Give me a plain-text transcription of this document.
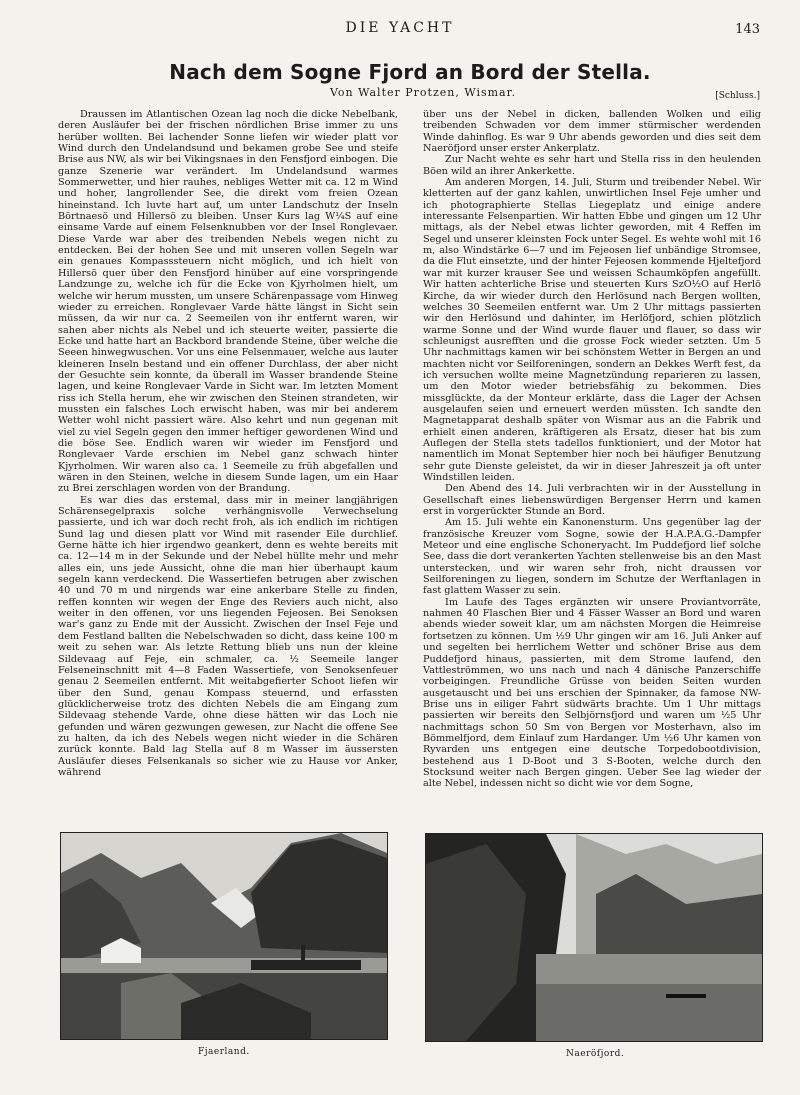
DIE YACHT	143
Nach dem Sogne Fjord an Bord der Stella.
Von Walter Protzen, Wismar.	[Schluss.]

Draussen im Atlantischen Ozean lag noch die dicke Nebelbank, deren Ausläufer bei der frischen nördlichen Brise immer zu uns herüber wollten. Bei lachender Sonne liefen wir wieder platt vor Wind durch den Undelandsund und bekamen grobe See und steife Brise aus NW, als wir bei Vikingsnaes in den Fensfjord einbogen. Die ganze Szenerie war verändert. Im Undelandsund warmes Sommerwetter, und hier rauhes, nebliges Wetter mit ca. 12 m Wind und hoher, langrollender See, die direkt vom freien Ozean hineinstand. Ich luvte hart auf, um unter Landschutz der Inseln Börtnaesö und Hillersö zu bleiben. Unser Kurs lag W¼S auf eine einsame Varde auf einem Felsenknubben vor der Insel Ronglevaer. Diese Varde war aber des treibenden Nebels wegen nicht zu entdecken. Bei der hohen See und mit unseren vollen Segeln war ein genaues Kompasssteuern nicht möglich, und ich hielt von Hillersö quer über den Fensfjord hinüber auf eine vorspringende Landzunge zu, welche ich für die Ecke von Kjyrholmen hielt, um welche wir herum mussten, um unsere Schärenpassage vom Hinweg wieder zu erreichen. Ronglevaer Varde hätte längst in Sicht sein müssen, da wir nur ca. 2 Seemeilen von ihr entfernt waren, wir sahen aber nichts als Nebel und ich steuerte weiter, passierte die Ecke und hatte hart an Backbord brandende Steine, über welche die Seeen hinwegwuschen. Vor uns eine Felsenmauer, welche aus lauter kleineren Inseln bestand und ein offener Durchlass, der aber nicht der Gesuchte sein konnte, da überall im Wasser brandende Steine lagen, und keine Ronglevaer Varde in Sicht war. Im letzten Moment riss ich Stella herum, ehe wir zwischen den Steinen strandeten, wir mussten ein falsches Loch erwischt haben, was mir bei anderem Wetter wohl nicht passiert wäre. Also kehrt und nun gegenan mit viel zu viel Segeln gegen den immer heftiger gewordenen Wind und die böse See. Endlich waren wir wieder im Fensfjord und Ronglevaer Varde erschien im Nebel ganz schwach hinter Kjyrholmen. Wir waren also ca. 1 Seemeile zu früh abgefallen und wären in den Steinen, welche in diesem Sunde lagen, um ein Haar zu Brei zerschlagen worden von der Brandung.

Es war dies das erstemal, dass mir in meiner langjährigen Schärensegelpraxis solche verhängnisvolle Verwechselung passierte, und ich war doch recht froh, als ich endlich im richtigen Sund lag und diesen platt vor Wind mit rasender Eile durchlief. Gerne hätte ich hier irgendwo geankert, denn es wehte bereits mit ca. 12—14 m in der Sekunde und der Nebel hüllte mehr und mehr alles ein, uns jede Aussicht, ohne die man hier überhaupt kaum segeln kann verdeckend. Die Wassertiefen betrugen aber zwischen 40 und 70 m und nirgends war eine ankerbare Stelle zu finden, reffen konnten wir wegen der Enge des Reviers auch nicht, also weiter in den offenen, vor uns liegenden Fejeosen. Bei Senoksen war's ganz zu Ende mit der Aussicht. Zwischen der Insel Feje und dem Festland ballten die Nebelschwaden so dicht, dass keine 100 m weit zu sehen war. Als letzte Rettung blieb uns nun der kleine Sildevaag auf Feje, ein schmaler, ca. ½ Seemeile langer Felseneinschnitt mit 4—8 Faden Wassertiefe, von Senoksenfeuer genau 2 Seemeilen entfernt. Mit weitabgefierter Schoot liefen wir über den Sund, genau Kompass steuernd, und erfassten glücklicherweise trotz des dichten Nebels die am Eingang zum Sildevaag stehende Varde, ohne diese hätten wir das Loch nie gefunden und wären gezwungen gewesen, zur Nacht die offene See zu halten, da ich des Nebels wegen nicht wieder in die Schären zurück konnte. Bald lag Stella auf 8 m Wasser im äussersten Ausläufer dieses Felsenkanals so sicher wie zu Hause vor Anker, während

über uns der Nebel in dicken, ballenden Wolken und eilig treibenden Schwaden vor dem immer stürmischer werdenden Winde dahinflog. Es war 9 Uhr abends geworden und dies seit dem Naeröfjord unser erster Ankerplatz.

Zur Nacht wehte es sehr hart und Stella riss in den heulenden Böen wild an ihrer Ankerkette.

Am anderen Morgen, 14. Juli, Sturm und treibender Nebel. Wir kletterten auf der ganz kahlen, unwirtlichen Insel Feje umher und ich photographierte Stellas Liegeplatz und einige andere interessante Felsenpartien. Wir hatten Ebbe und gingen um 12 Uhr mittags, als der Nebel etwas lichter geworden, mit 4 Reffen im Segel und unserer kleinsten Fock unter Segel. Es wehte wohl mit 16 m, also Windstärke 6—7 und im Fejeosen lief unbändige Stromsee, da die Flut einsetzte, und der hinter Fejeosen kommende Hjeltefjord war mit kurzer krauser See und weissen Schaumköpfen angefüllt. Wir hatten achterliche Brise und steuerten Kurs SzO½O auf Herlö Kirche, da wir wieder durch den Herlösund nach Bergen wollten, welches 30 Seemeilen entfernt war. Um 2 Uhr mittags passierten wir den Herlösund und dahinter, im Herlöfjord, schien plötzlich warme Sonne und der Wind wurde flauer und flauer, so dass wir schleunigst ausrefften und die grosse Fock wieder setzten. Um 5 Uhr nachmittags kamen wir bei schönstem Wetter in Bergen an und machten nicht vor Seilforeningen, sondern an Dekkes Werft fest, da ich versuchen wollte meine Magnetzündung reparieren zu lassen, um den Motor wieder betriebsfähig zu bekommen. Dies missglückte, da der Monteur erklärte, dass die Lager der Achsen ausgelaufen seien und erneuert werden müssten. Ich sandte den Magnetapparat deshalb später von Wismar aus an die Fabrik und erhielt einen anderen, kräftigeren als Ersatz, dieser hat bis zum Auflegen der Stella stets tadellos funktioniert, und der Motor hat namentlich im Monat September hier noch bei häufiger Benutzung sehr gute Dienste geleistet, da wir in dieser Jahreszeit ja oft unter Windstillen leiden.

Den Abend des 14. Juli verbrachten wir in der Ausstellung in Gesellschaft eines liebenswürdigen Bergenser Herrn und kamen erst in vorgerückter Stunde an Bord.

Am 15. Juli wehte ein Kanonensturm. Uns gegenüber lag der französische Kreuzer vom Sogne, sowie der H.A.P.A.G.-Dampfer Meteor und eine englische Schoneryacht. Im Puddefjord lief solche See, dass die dort verankerten Yachten stellenweise bis an den Mast unterstecken, und wir waren sehr froh, nicht draussen vor Seilforeningen zu liegen, sondern im Schutze der Werftanlagen in fast glattem Wasser zu sein.

Im Laufe des Tages ergänzten wir unsere Proviantvorräte, nahmen 40 Flaschen Bier und 4 Fässer Wasser an Bord und waren abends wieder soweit klar, um am nächsten Morgen die Heimreise fortsetzen zu können. Um ½9 Uhr gingen wir am 16. Juli Anker auf und segelten bei herrlichem Wetter und schöner Brise aus dem Puddefjord hinaus, passierten, mit dem Strome laufend, den Vattleströmmen, wo uns nach und nach 4 dänische Panzerschiffe vorbeigingen. Freundliche Grüsse von beiden Seiten wurden ausgetauscht und bei uns erschien der Spinnaker, da famose NW-Brise uns in eiliger Fahrt südwärts brachte. Um 1 Uhr mittags passierten wir bereits den Selbjörnsfjord und waren um ½5 Uhr nachmittags schon 50 Sm von Bergen vor Mosterhavn, also im Bömmelfjord, dem Einlauf zum Hardanger. Um ½6 Uhr kamen von Ryvarden uns entgegen eine deutsche Torpedobootdivision, bestehend aus 1 D-Boot und 3 S-Booten, welche durch den Stocksund weiter nach Bergen gingen. Ueber See lag wieder der alte Nebel, indessen nicht so dicht wie vor dem Sogne,

Fjaerland.	Naeröfjord.
